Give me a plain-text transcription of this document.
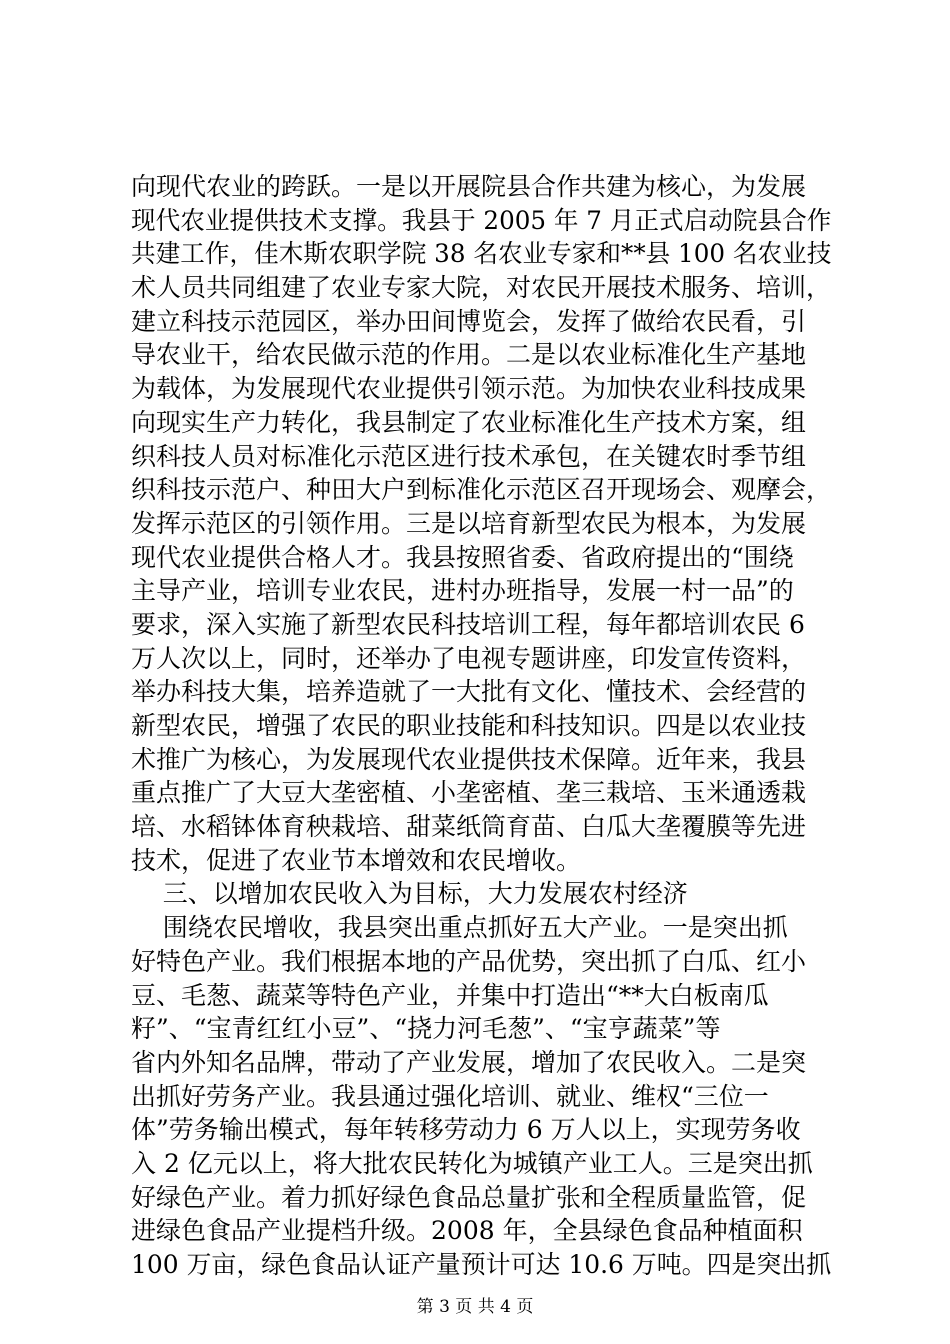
向现代农业的跨跃。一是以开展院县合作共建为核心，为发展
现代农业提供技术支撑。我县于 2005 年 7 月正式启动院县合作
共建工作，佳木斯农职学院 38 名农业专家和**县 100 名农业技
术人员共同组建了农业专家大院，对农民开展技术服务、培训，
建立科技示范园区，举办田间博览会，发挥了做给农民看，引
导农业干，给农民做示范的作用。二是以农业标准化生产基地
为载体，为发展现代农业提供引领示范。为加快农业科技成果
向现实生产力转化，我县制定了农业标准化生产技术方案，组
织科技人员对标准化示范区进行技术承包，在关键农时季节组
织科技示范户、种田大户到标准化示范区召开现场会、观摩会，
发挥示范区的引领作用。三是以培育新型农民为根本，为发展
现代农业提供合格人才。我县按照省委、省政府提出的“围绕
主导产业，培训专业农民，进村办班指导，发展一村一品”的
要求，深入实施了新型农民科技培训工程，每年都培训农民 6
万人次以上，同时，还举办了电视专题讲座，印发宣传资料，
举办科技大集，培养造就了一大批有文化、懂技术、会经营的
新型农民，增强了农民的职业技能和科技知识。四是以农业技
术推广为核心，为发展现代农业提供技术保障。近年来，我县
重点推广了大豆大垄密植、小垄密植、垄三栽培、玉米通透栽
培、水稻钵体育秧栽培、甜菜纸筒育苗、白瓜大垄覆膜等先进
技术，促进了农业节本增效和农民增收。
三、以增加农民收入为目标，大力发展农村经济
围绕农民增收，我县突出重点抓好五大产业。一是突出抓
好特色产业。我们根据本地的产品优势，突出抓了白瓜、红小
豆、毛葱、蔬菜等特色产业，并集中打造出“**大白板南瓜
籽”、“宝青红红小豆”、“挠力河毛葱”、“宝亨蔬菜”等
省内外知名品牌，带动了产业发展，增加了农民收入。二是突
出抓好劳务产业。我县通过强化培训、就业、维权“三位一
体”劳务输出模式，每年转移劳动力 6 万人以上，实现劳务收
入 2 亿元以上，将大批农民转化为城镇产业工人。三是突出抓
好绿色产业。着力抓好绿色食品总量扩张和全程质量监管，促
进绿色食品产业提档升级。2008 年，全县绿色食品种植面积
100 万亩，绿色食品认证产量预计可达 10.6 万吨。四是突出抓
第 3 页 共 4 页
